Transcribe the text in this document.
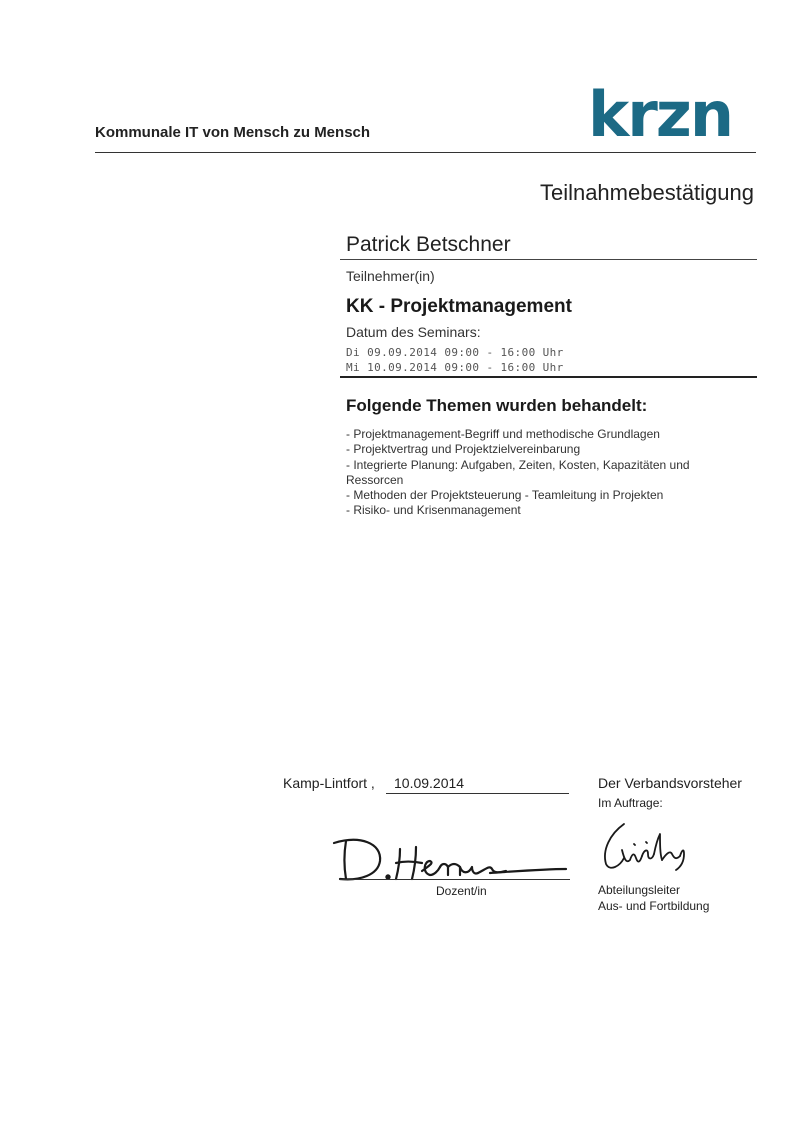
Kommunale IT von Mensch zu Mensch	krzn
Teilnahmebestätigung
Patrick Betschner
Teilnehmer(in)
KK - Projektmanagement
Datum des Seminars:
Di 09.09.2014 09:00 - 16:00 Uhr
Mi 10.09.2014 09:00 - 16:00 Uhr
Folgende Themen wurden behandelt:
- Projektmanagement-Begriff und methodische Grundlagen
- Projektvertrag und Projektzielvereinbarung
- Integrierte Planung: Aufgaben, Zeiten, Kosten, Kapazitäten und Ressorcen
- Methoden der Projektsteuerung - Teamleitung in Projekten
- Risiko- und Krisenmanagement
Kamp-Lintfort , 10.09.2014
Dozent/in
Der Verbandsvorsteher
Im Auftrage:
Abteilungsleiter
Aus- und Fortbildung
